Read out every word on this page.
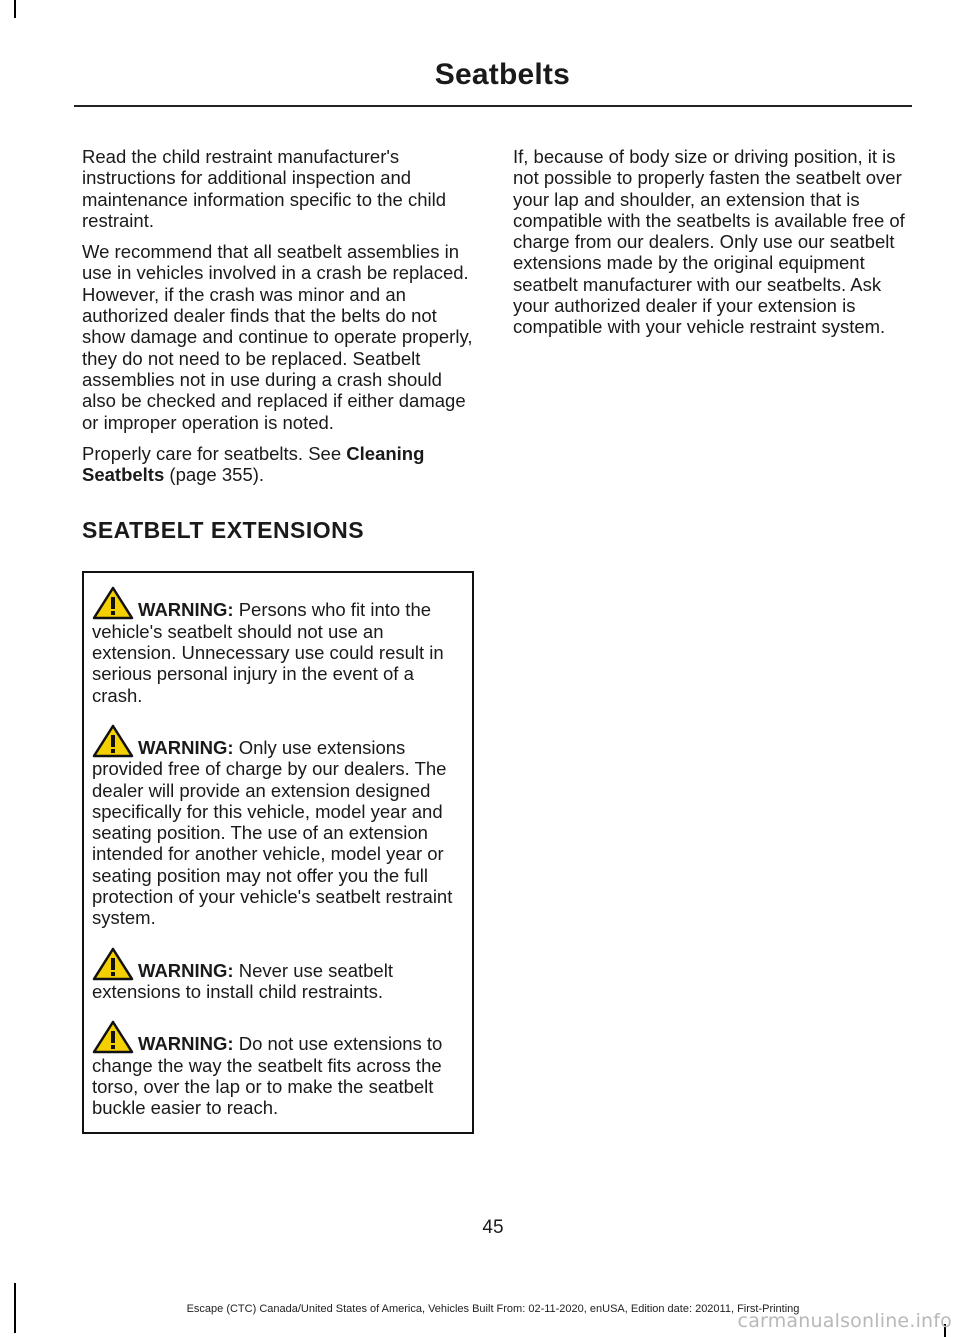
Seatbelts

Read the child restraint manufacturer's instructions for additional inspection and maintenance information specific to the child restraint.

We recommend that all seatbelt assemblies in use in vehicles involved in a crash be replaced. However, if the crash was minor and an authorized dealer finds that the belts do not show damage and continue to operate properly, they do not need to be replaced. Seatbelt assemblies not in use during a crash should also be checked and replaced if either damage or improper operation is noted.

Properly care for seatbelts. See Cleaning Seatbelts (page 355).

SEATBELT EXTENSIONS

WARNING: Persons who fit into the vehicle's seatbelt should not use an extension. Unnecessary use could result in serious personal injury in the event of a crash.

WARNING: Only use extensions provided free of charge by our dealers. The dealer will provide an extension designed specifically for this vehicle, model year and seating position. The use of an extension intended for another vehicle, model year or seating position may not offer you the full protection of your vehicle's seatbelt restraint system.

WARNING: Never use seatbelt extensions to install child restraints.

WARNING: Do not use extensions to change the way the seatbelt fits across the torso, over the lap or to make the seatbelt buckle easier to reach.

If, because of body size or driving position, it is not possible to properly fasten the seatbelt over your lap and shoulder, an extension that is compatible with the seatbelts is available free of charge from our dealers. Only use our seatbelt extensions made by the original equipment seatbelt manufacturer with our seatbelts. Ask your authorized dealer if your extension is compatible with your vehicle restraint system.

45
Escape (CTC) Canada/United States of America, Vehicles Built From: 02-11-2020, enUSA, Edition date: 202011, First-Printing
carmanualsonline.info
